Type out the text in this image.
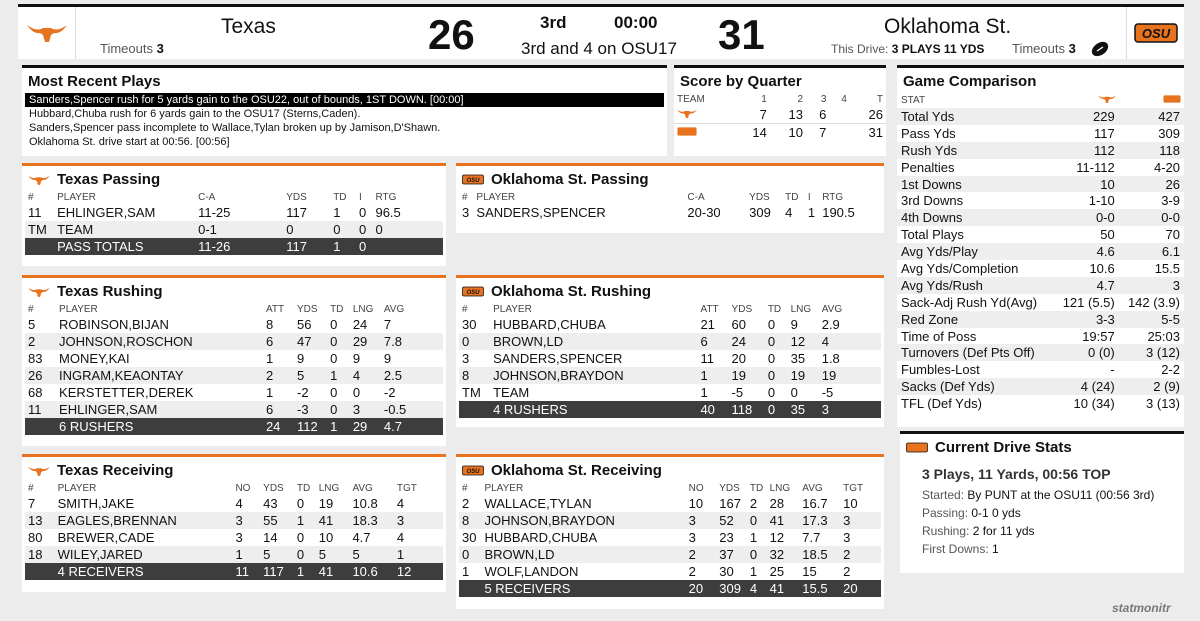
Texas
Timeouts 3	26	3rd	00:00
3rd and 4 on OSU17 31	Oklahoma St.
This Drive: 3 PLAYS 11 YDS Timeouts 3
OSU
Most Recent Plays
Sanders,Spencer rush for 5 yards gain to the OSU22, out of bounds, 1ST DOWN. [00:00]
Hubbard,Chuba rush for 6 yards gain to the OSU17 (Sterns,Caden).
Sanders,Spencer pass incomplete to Wallace,Tylan broken up by Jamison,D'Shawn.
Oklahoma St. drive start at 00:56. [00:56]
Score by Quarter
TEAM	1	2	3	4	T
	7	13	6		26
	14	10	7		31
Game Comparison
STAT		
Total Yds	229	427
Pass Yds	117	309
Rush Yds	112	118
Penalties	11-112	4-20
1st Downs	10	26
3rd Downs	1-10	3-9
4th Downs	0-0	0-0
Total Plays	50	70
Avg Yds/Play	4.6	6.1
Avg Yds/Completion	10.6	15.5
Avg Yds/Rush	4.7	3
Sack-Adj Rush Yd(Avg)	121 (5.5)	142 (3.9)
Red Zone	3-3	5-5
Time of Poss	19:57	25:03
Turnovers (Def Pts Off)	0 (0)	3 (12)
Fumbles-Lost	-	2-2
Sacks (Def Yds)	4 (24)	2 (9)
TFL (Def Yds)	10 (34)	3 (13)
Current Drive Stats
3 Plays, 11 Yards, 00:56 TOP
Started: By PUNT at the OSU11 (00:56 3rd)
Passing: 0-1 0 yds
Rushing: 2 for 11 yds
First Downs: 1
Texas Passing
#	PLAYER	C-A	YDS	TD	I	RTG
11	EHLINGER,SAM	11-25	117	1	0	96.5
TM	TEAM	0-1	0	0	0	0
	PASS TOTALS	11-26	117	1	0	
OSU Oklahoma St. Passing
#	PLAYER	C-A	YDS	TD	I	RTG
3	SANDERS,SPENCER	20-30	309	4	1	190.5
Texas Rushing
#	PLAYER	ATT	YDS	TD	LNG	AVG
5	ROBINSON,BIJAN	8	56	0	24	7
2	JOHNSON,ROSCHON	6	47	0	29	7.8
83	MONEY,KAI	1	9	0	9	9
26	INGRAM,KEAONTAY	2	5	1	4	2.5
68	KERSTETTER,DEREK	1	-2	0	0	-2
11	EHLINGER,SAM	6	-3	0	3	-0.5
	6 RUSHERS	24	112	1	29	4.7
OSU Oklahoma St. Rushing
#	PLAYER	ATT	YDS	TD	LNG	AVG
30	HUBBARD,CHUBA	21	60	0	9	2.9
0	BROWN,LD	6	24	0	12	4
3	SANDERS,SPENCER	11	20	0	35	1.8
8	JOHNSON,BRAYDON	1	19	0	19	19
TM	TEAM	1	-5	0	0	-5
	4 RUSHERS	40	118	0	35	3
Texas Receiving
#	PLAYER	NO	YDS	TD	LNG	AVG	TGT
7	SMITH,JAKE	4	43	0	19	10.8	4
13	EAGLES,BRENNAN	3	55	1	41	18.3	3
80	BREWER,CADE	3	14	0	10	4.7	4
18	WILEY,JARED	1	5	0	5	5	1
	4 RECEIVERS	11	117	1	41	10.6	12
OSU Oklahoma St. Receiving
#	PLAYER	NO	YDS	TD	LNG	AVG	TGT
2	WALLACE,TYLAN	10	167	2	28	16.7	10
8	JOHNSON,BRAYDON	3	52	0	41	17.3	3
30	HUBBARD,CHUBA	3	23	1	12	7.7	3
0	BROWN,LD	2	37	0	32	18.5	2
1	WOLF,LANDON	2	30	1	25	15	2
	5 RECEIVERS	20	309	4	41	15.5	20
statmonitr
